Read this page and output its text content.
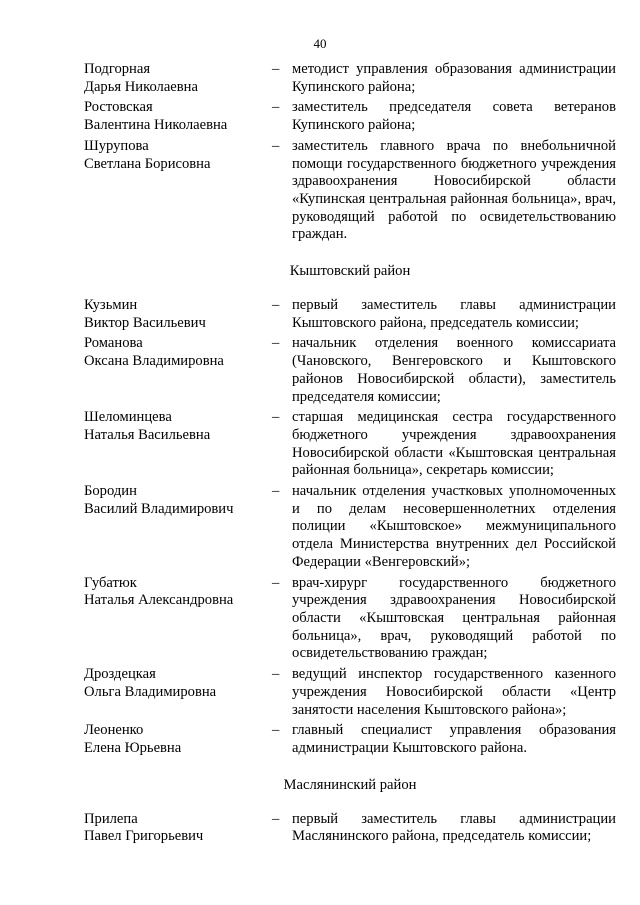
40
Подгорная
Дарья Николаевна
– методист управления образования администрации Купинского района;
Ростовская
Валентина Николаевна
– заместитель председателя совета ветеранов Купинского района;
Шурупова
Светлана Борисовна
– заместитель главного врача по внебольничной помощи государственного бюджетного учреждения здравоохранения Новосибирской области «Купинская центральная районная больница», врач, руководящий работой по освидетельствованию граждан.
Кыштовский район
Кузьмин
Виктор Васильевич
– первый заместитель главы администрации Кыштовского района, председатель комиссии;
Романова
Оксана Владимировна
– начальник отделения военного комиссариата (Чановского, Венгеровского и Кыштовского районов Новосибирской области), заместитель председателя комиссии;
Шеломинцева
Наталья Васильевна
– старшая медицинская сестра государственного бюджетного учреждения здравоохранения Новосибирской области «Кыштовская центральная районная больница», секретарь комиссии;
Бородин
Василий Владимирович
– начальник отделения участковых уполномоченных и по делам несовершеннолетних отделения полиции «Кыштовское» межмуниципального отдела Министерства внутренних дел Российской Федерации «Венгеровский»;
Губатюк
Наталья Александровна
– врач-хирург государственного бюджетного учреждения здравоохранения Новосибирской области «Кыштовская центральная районная больница», врач, руководящий работой по освидетельствованию граждан;
Дроздецкая
Ольга Владимировна
– ведущий инспектор государственного казенного учреждения Новосибирской области «Центр занятости населения Кыштовского района»;
Леоненко
Елена Юрьевна
– главный специалист управления образования администрации Кыштовского района.
Маслянинский район
Прилепа
Павел Григорьевич
– первый заместитель главы администрации Маслянинского района, председатель комиссии;
